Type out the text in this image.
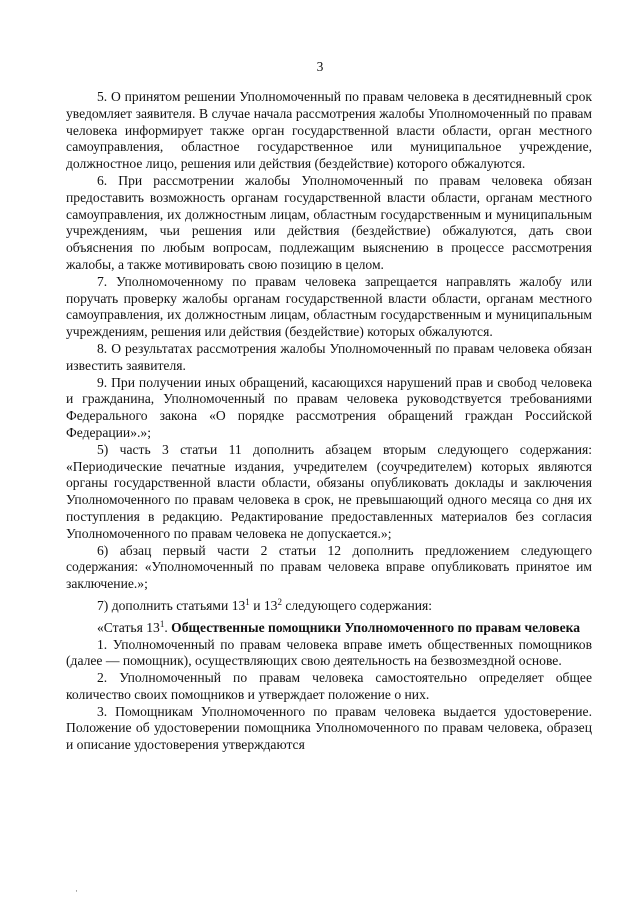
3

5. О принятом решении Уполномоченный по правам человека в десятидневный срок уведомляет заявителя. В случае начала рассмотрения жалобы Уполномоченный по правам человека информирует также орган государственной власти области, орган местного самоуправления, областное государственное или муниципальное учреждение, должностное лицо, решения или действия (бездействие) которого обжалуются.

6. При рассмотрении жалобы Уполномоченный по правам человека обязан предоставить возможность органам государственной власти области, органам местного самоуправления, их должностным лицам, областным государственным и муниципальным учреждениям, чьи решения или действия (бездействие) обжалуются, дать свои объяснения по любым вопросам, подлежащим выяснению в процессе рассмотрения жалобы, а также мотивировать свою позицию в целом.

7. Уполномоченному по правам человека запрещается направлять жалобу или поручать проверку жалобы органам государственной власти области, органам местного самоуправления, их должностным лицам, областным государственным и муниципальным учреждениям, решения или действия (бездействие) которых обжалуются.

8. О результатах рассмотрения жалобы Уполномоченный по правам человека обязан известить заявителя.

9. При получении иных обращений, касающихся нарушений прав и свобод человека и гражданина, Уполномоченный по правам человека руководствуется требованиями Федерального закона «О порядке рассмотрения обращений граждан Российской Федерации».»;

5) часть 3 статьи 11 дополнить абзацем вторым следующего содержания: «Периодические печатные издания, учредителем (соучредителем) которых являются органы государственной власти области, обязаны опубликовать доклады и заключения Уполномоченного по правам человека в срок, не превышающий одного месяца со дня их поступления в редакцию. Редактирование предоставленных материалов без согласия Уполномоченного по правам человека не допускается.»;

6) абзац первый части 2 статьи 12 дополнить предложением следующего содержания: «Уполномоченный по правам человека вправе опубликовать принятое им заключение.»;

7) дополнить статьями $13^1$ и $13^2$ следующего содержания:

«Статья $13^1$. Общественные помощники Уполномоченного по правам человека

1. Уполномоченный по правам человека вправе иметь общественных помощников (далее — помощник), осуществляющих свою деятельность на безвозмездной основе.

2. Уполномоченный по правам человека самостоятельно определяет общее количество своих помощников и утверждает положение о них.

3. Помощникам Уполномоченного по правам человека выдается удостоверение. Положение об удостоверении помощника Уполномоченного по правам человека, образец и описание удостоверения утверждаются

·
